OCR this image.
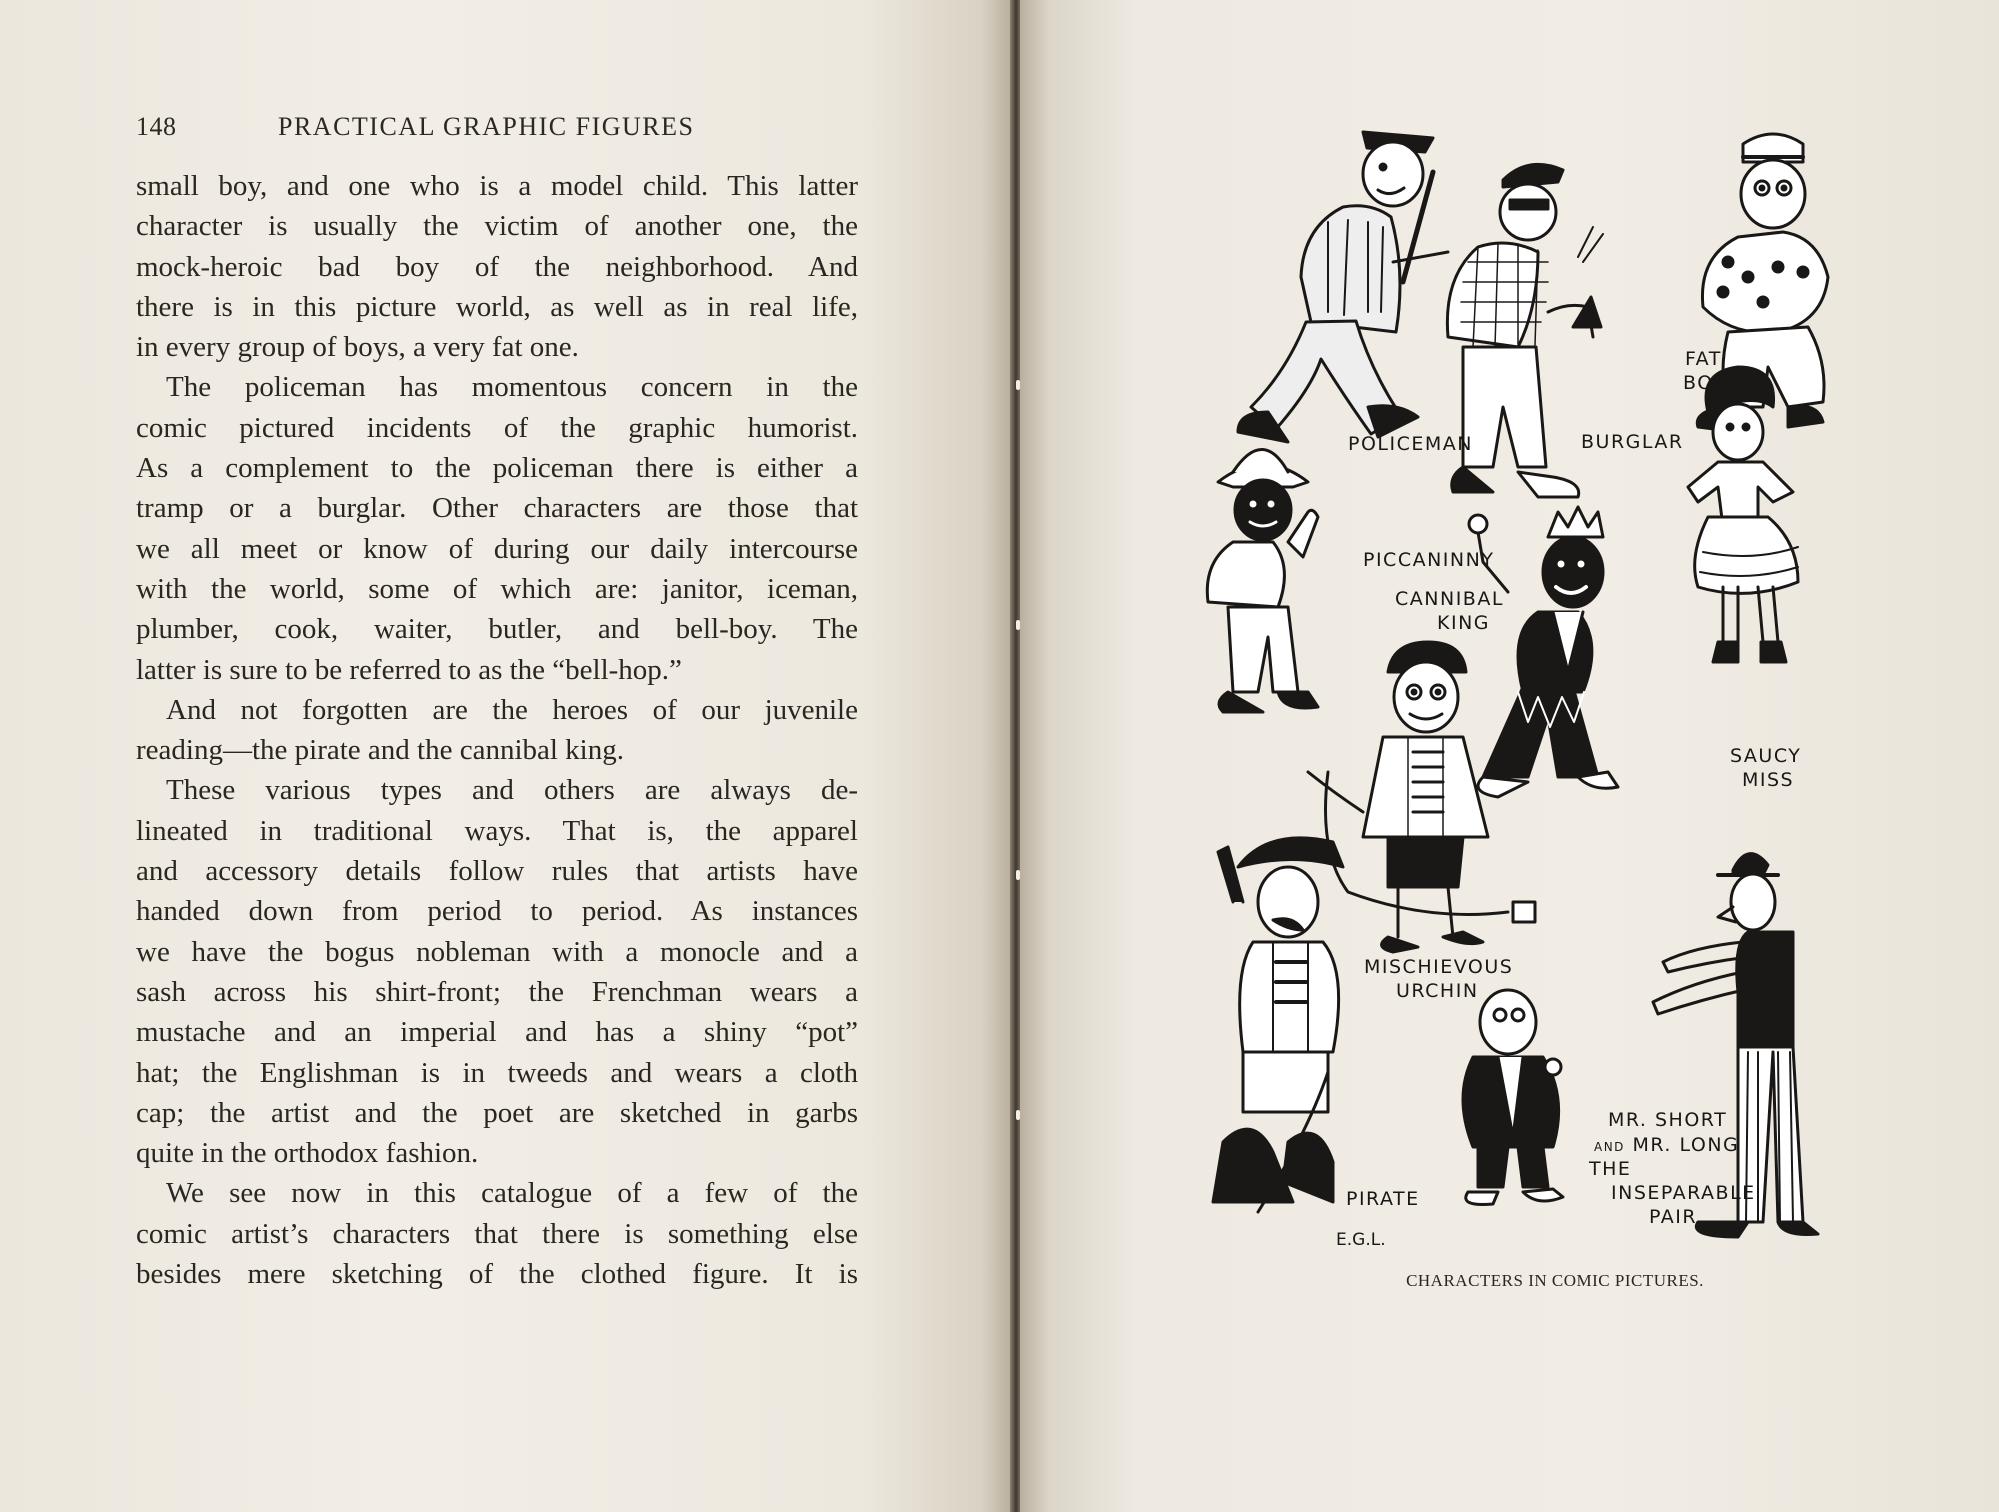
148	PRACTICAL GRAPHIC FIGURES
small boy, and one who is a model child. This latter
character is usually the victim of another one, the
mock-heroic bad boy of the neighborhood. And
there is in this picture world, as well as in real life,
in every group of boys, a very fat one.
The policeman has momentous concern in the
comic pictured incidents of the graphic humorist.
As a complement to the policeman there is either a
tramp or a burglar. Other characters are those that
we all meet or know of during our daily intercourse
with the world, some of which are: janitor, iceman,
plumber, cook, waiter, butler, and bell-boy. The
latter is sure to be referred to as the “bell-hop.”
And not forgotten are the heroes of our juvenile
reading—the pirate and the cannibal king.
These various types and others are always de-
lineated in traditional ways. That is, the apparel
and accessory details follow rules that artists have
handed down from period to period. As instances
we have the bogus nobleman with a monocle and a
sash across his shirt-front; the Frenchman wears a
mustache and an imperial and has a shiny “pot”
hat; the Englishman is in tweeds and wears a cloth
cap; the artist and the poet are sketched in garbs
quite in the orthodox fashion.
We see now in this catalogue of a few of the
comic artist’s characters that there is something else
besides mere sketching of the clothed figure. It is
FAT
BOY
POLICEMAN	BURGLAR
PICCANINNY
CANNIBAL
KING
SAUCY
MISS
MISCHIEVOUS
URCHIN
MR. SHORT
AND MR. LONG
THE
INSEPARABLE
PAIR
PIRATE
E.G.L.
CHARACTERS IN COMIC PICTURES.
